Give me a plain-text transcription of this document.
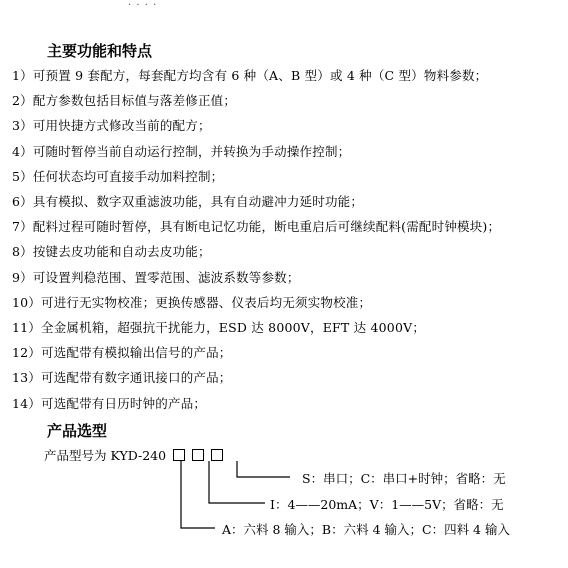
· · · ·
主要功能和特点
1）可预置 9 套配方，每套配方均含有 6 种（A、B 型）或 4 种（C 型）物料参数；
2）配方参数包括目标值与落差修正值；
3）可用快捷方式修改当前的配方；
4）可随时暂停当前自动运行控制，并转换为手动操作控制；
5）任何状态均可直接手动加料控制；
6）具有模拟、数字双重滤波功能，具有自动避冲力延时功能；
7）配料过程可随时暂停，具有断电记忆功能，断电重启后可继续配料(需配时钟模块)；
8）按键去皮功能和自动去皮功能；
9）可设置判稳范围、置零范围、滤波系数等参数；
10）可进行无实物校准；更换传感器、仪表后均无须实物校准；
11）全金属机箱，超强抗干扰能力，ESD 达 8000V，EFT 达 4000V；
12）可选配带有模拟输出信号的产品；
13）可选配带有数字通讯接口的产品；
14）可选配带有日历时钟的产品；
产品选型
产品型号为 KYD-240
S：串口；C：串口+时钟；省略：无
I：4——20mA；V：1——5V；省略：无
A：六料 8 输入；B：六料 4 输入；C：四料 4 输入
